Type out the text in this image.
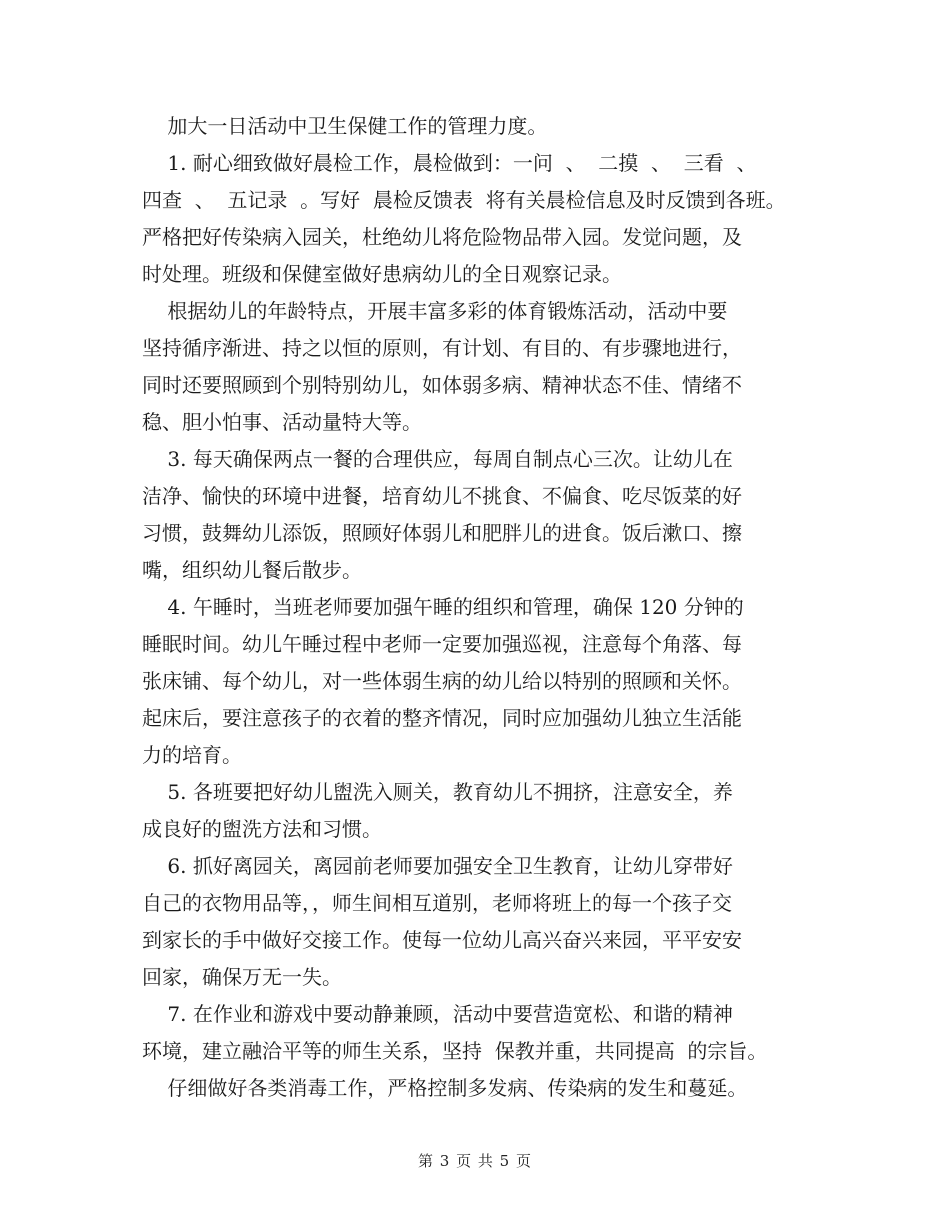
加大一日活动中卫生保健工作的管理力度。
1. 耐心细致做好晨检工作，晨检做到：一问  、  二摸  、  三看  、
四查  、  五记录  。写好  晨检反馈表  将有关晨检信息及时反馈到各班。
严格把好传染病入园关，杜绝幼儿将危险物品带入园。发觉问题，及
时处理。班级和保健室做好患病幼儿的全日观察记录。
根据幼儿的年龄特点，开展丰富多彩的体育锻炼活动，活动中要
坚持循序渐进、持之以恒的原则，有计划、有目的、有步骤地进行，
同时还要照顾到个别特别幼儿，如体弱多病、精神状态不佳、情绪不
稳、胆小怕事、活动量特大等。
3. 每天确保两点一餐的合理供应，每周自制点心三次。让幼儿在
洁净、愉快的环境中进餐，培育幼儿不挑食、不偏食、吃尽饭菜的好
习惯，鼓舞幼儿添饭，照顾好体弱儿和肥胖儿的进食。饭后漱口、擦
嘴，组织幼儿餐后散步。
4. 午睡时，当班老师要加强午睡的组织和管理，确保 120 分钟的
睡眠时间。幼儿午睡过程中老师一定要加强巡视，注意每个角落、每
张床铺、每个幼儿，对一些体弱生病的幼儿给以特别的照顾和关怀。
起床后，要注意孩子的衣着的整齐情况，同时应加强幼儿独立生活能
力的培育。
5. 各班要把好幼儿盥洗入厕关，教育幼儿不拥挤，注意安全，养
成良好的盥洗方法和习惯。
6. 抓好离园关，离园前老师要加强安全卫生教育，让幼儿穿带好
自己的衣物用品等，，师生间相互道别，老师将班上的每一个孩子交
到家长的手中做好交接工作。使每一位幼儿高兴奋兴来园，平平安安
回家，确保万无一失。
7. 在作业和游戏中要动静兼顾，活动中要营造宽松、和谐的精神
环境，建立融洽平等的师生关系，坚持  保教并重，共同提高  的宗旨。
仔细做好各类消毒工作，严格控制多发病、传染病的发生和蔓延。
第 3 页 共 5 页
